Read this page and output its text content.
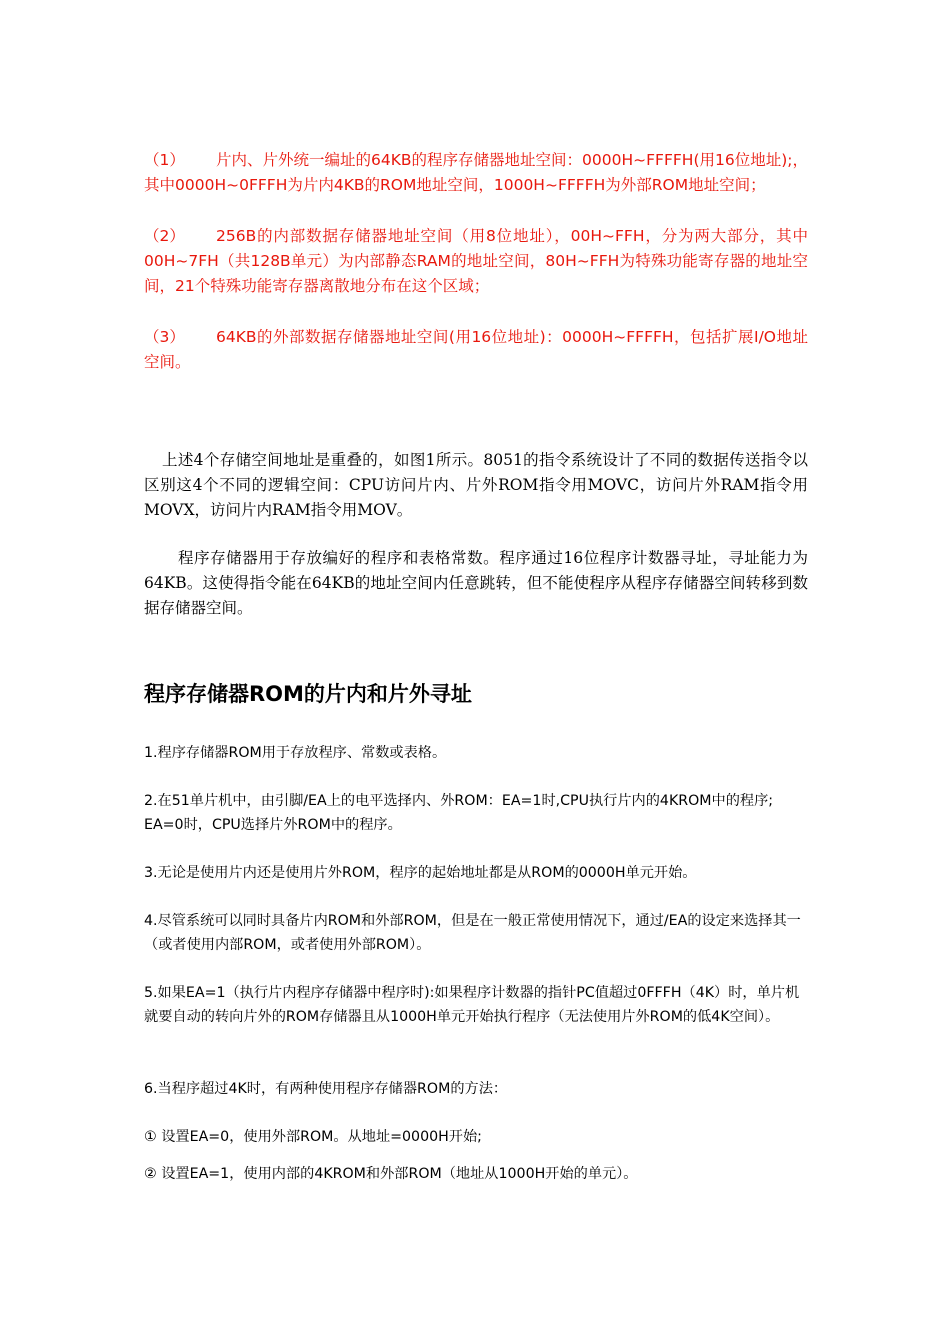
（1） 片内、片外统一编址的64KB的程序存储器地址空间：0000H~FFFFH(用16位地址);，其中0000H~0FFFH为片内4KB的ROM地址空间，1000H~FFFFH为外部ROM地址空间；

（2） 256B的内部数据存储器地址空间（用8位地址），00H~FFH，分为两大部分，其中00H~7FH（共128B单元）为内部静态RAM的地址空间，80H~FFH为特殊功能寄存器的地址空间，21个特殊功能寄存器离散地分布在这个区域；

（3） 64KB的外部数据存储器地址空间(用16位地址)：0000H~FFFFH，包括扩展I/O地址空间。

上述4个存储空间地址是重叠的，如图1所示。8051的指令系统设计了不同的数据传送指令以区别这4个不同的逻辑空间：CPU访问片内、片外ROM指令用MOVC，访问片外RAM指令用MOVX，访问片内RAM指令用MOV。

程序存储器用于存放编好的程序和表格常数。程序通过16位程序计数器寻址，寻址能力为64KB。这使得指令能在64KB的地址空间内任意跳转，但不能使程序从程序存储器空间转移到数据存储器空间。

程序存储器ROM的片内和片外寻址

1.程序存储器ROM用于存放程序、常数或表格。

2.在51单片机中，由引脚/EA上的电平选择内、外ROM：EA=1时,CPU执行片内的4KROM中的程序; EA=0时，CPU选择片外ROM中的程序。

3.无论是使用片内还是使用片外ROM，程序的起始地址都是从ROM的0000H单元开始。

4.尽管系统可以同时具备片内ROM和外部ROM，但是在一般正常使用情况下，通过/EA的设定来选择其一（或者使用内部ROM，或者使用外部ROM）。

5.如果EA=1（执行片内程序存储器中程序时):如果程序计数器的指针PC值超过0FFFH（4K）时，单片机就要自动的转向片外的ROM存储器且从1000H单元开始执行程序（无法使用片外ROM的低4K空间）。

6.当程序超过4K时，有两种使用程序存储器ROM的方法：

① 设置EA=0，使用外部ROM。从地址=0000H开始;

② 设置EA=1，使用内部的4KROM和外部ROM（地址从1000H开始的单元）。
